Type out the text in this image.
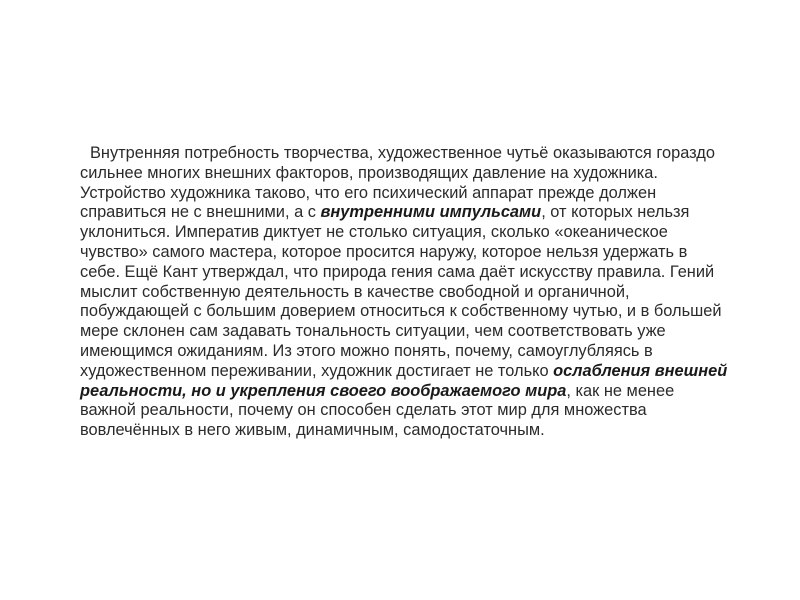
Внутренняя потребность творчества, художественное чутьё оказываются гораздо сильнее многих внешних факторов, производящих давление на художника. Устройство художника таково, что его психический аппарат прежде должен справиться не с внешними, а с внутренними импульсами, от которых нельзя уклониться. Императив диктует не столько ситуация, сколько «океаническое чувство» самого мастера, которое просится наружу, которое нельзя удержать в себе. Ещё Кант утверждал, что природа гения сама даёт искусству правила. Гений мыслит собственную деятельность в качестве свободной и органичной, побуждающей с большим доверием относиться к собственному чутью, и в большей мере склонен сам задавать тональность ситуации, чем соответствовать уже имеющимся ожиданиям. Из этого можно понять, почему, самоуглубляясь в художественном переживании, художник достигает не только ослабления внешней реальности, но и укрепления своего воображаемого мира, как не менее важной реальности, почему он способен сделать этот мир для множества вовлечённых в него живым, динамичным, самодостаточным.
